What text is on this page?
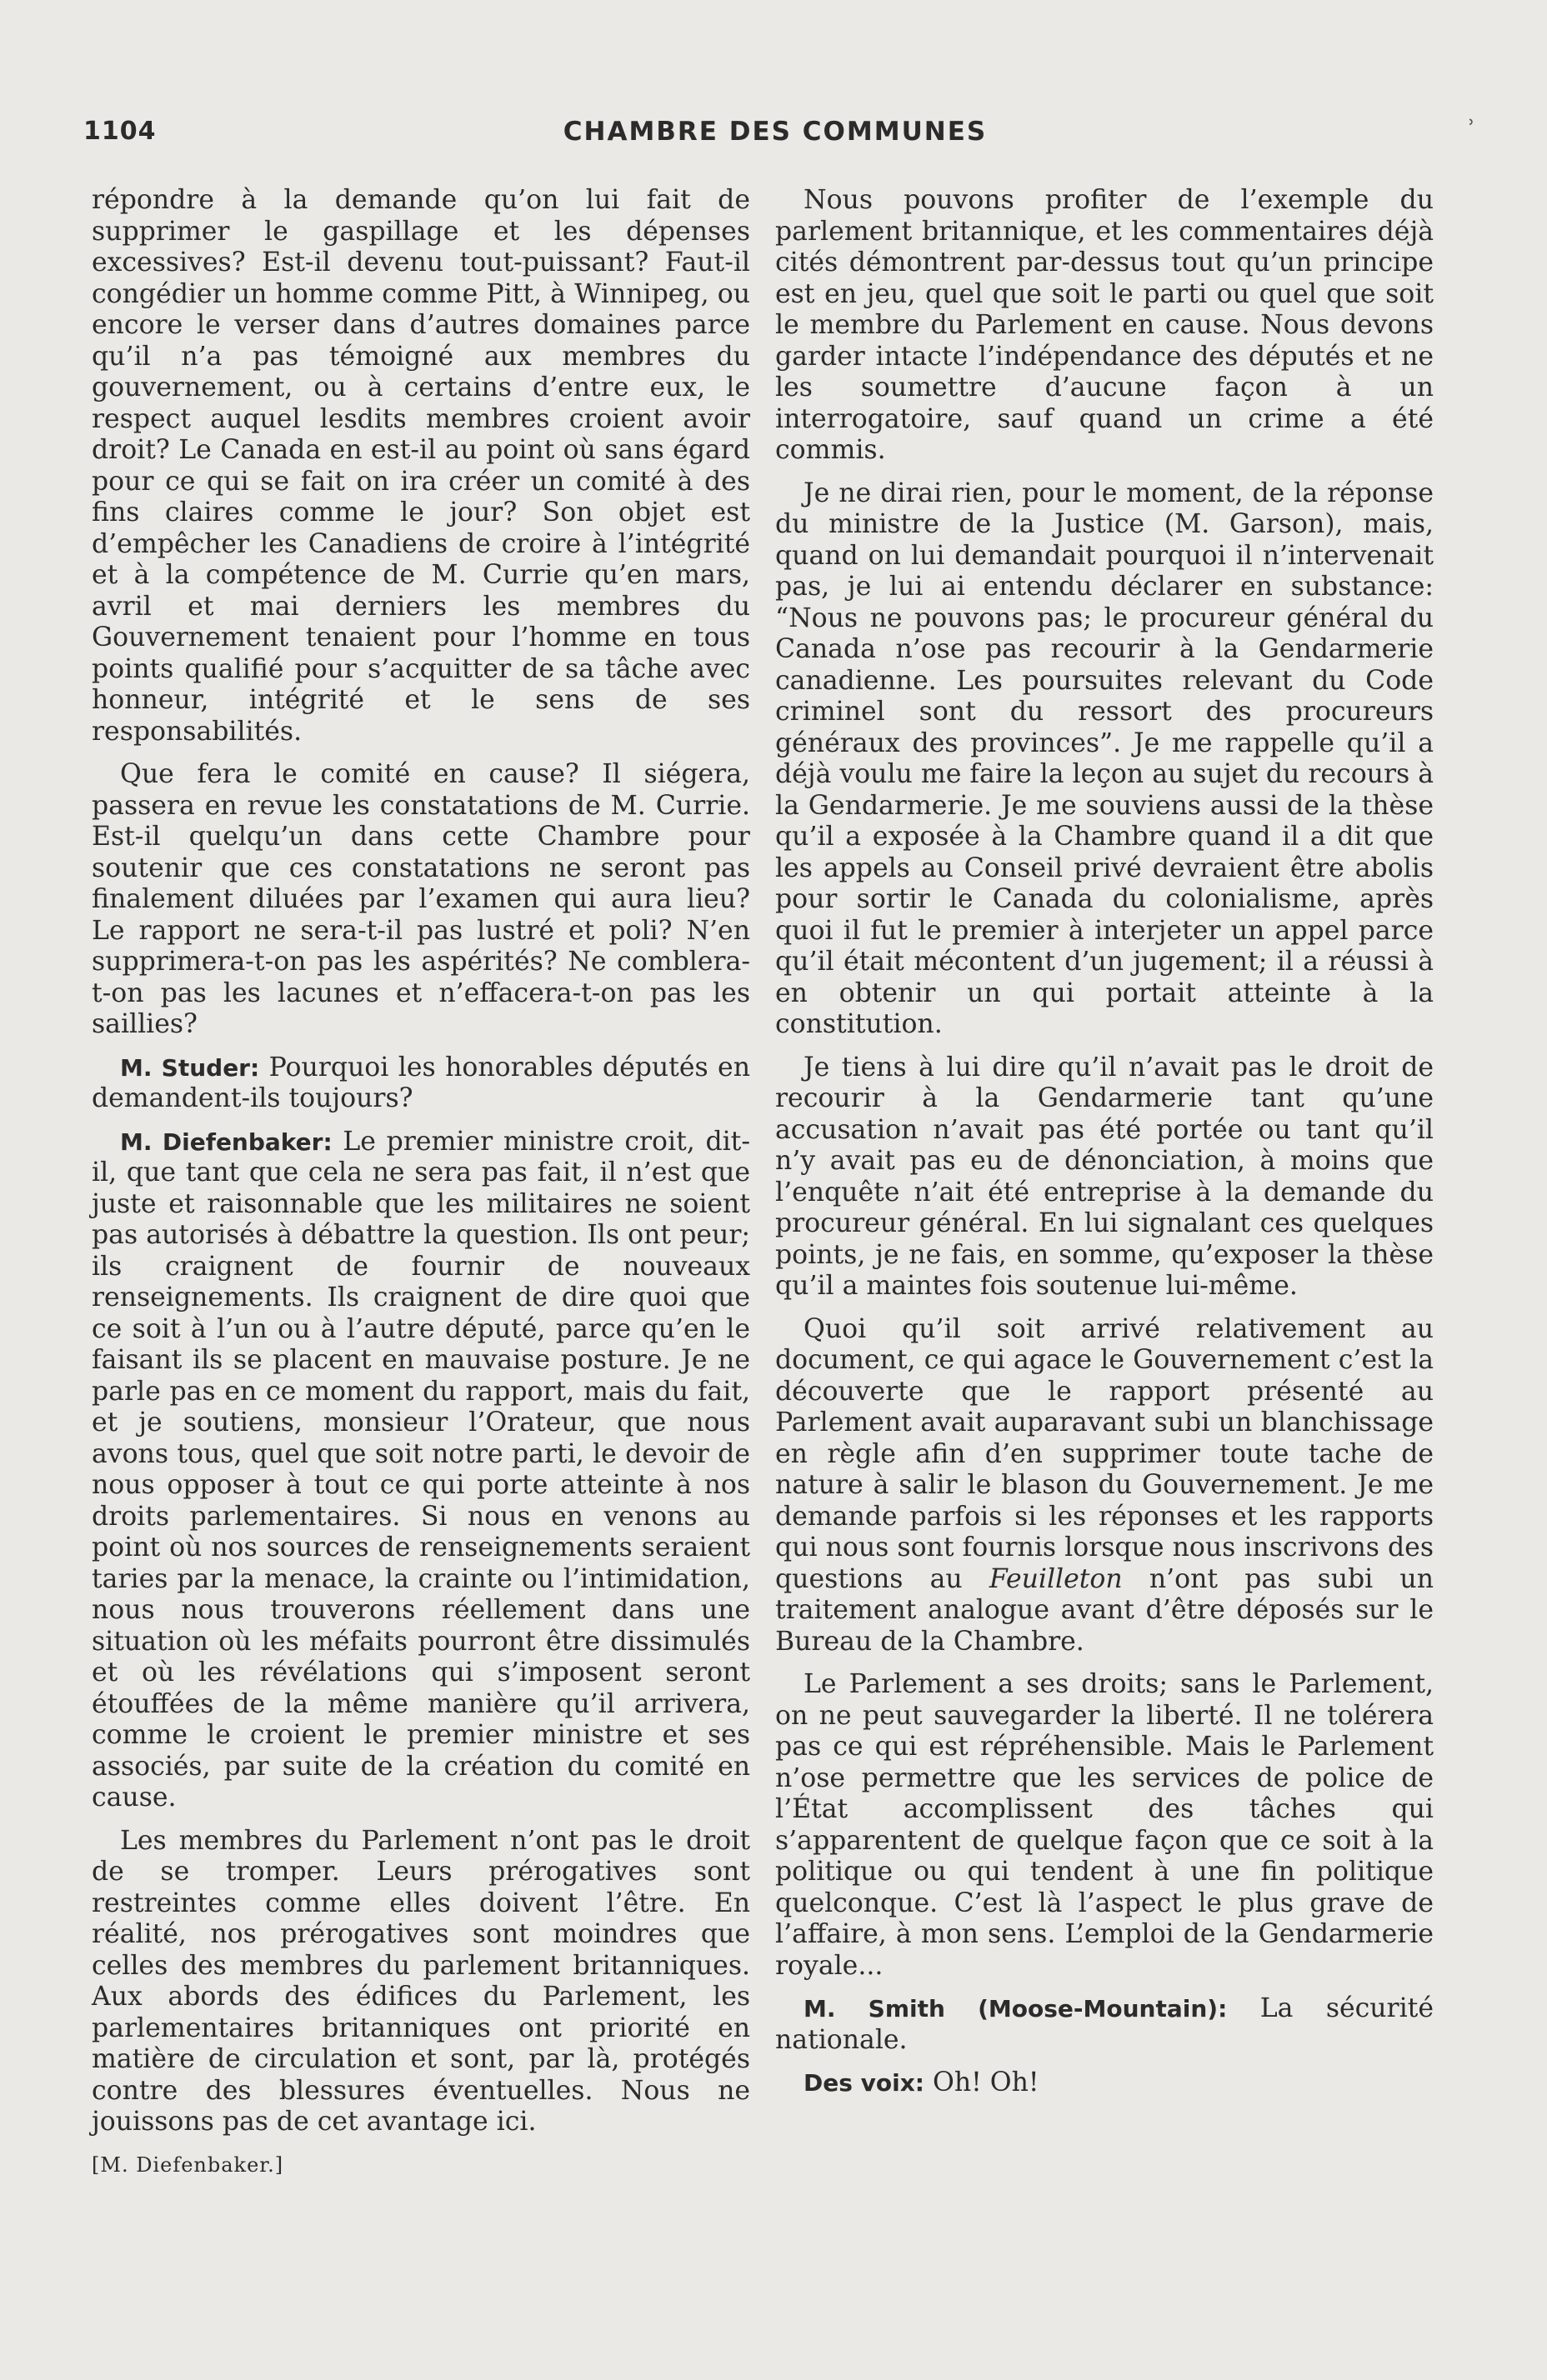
1104	CHAMBRE DES COMMUNES	ʾ

répondre à la demande qu’on lui fait de supprimer le gaspillage et les dépenses excessives? Est-il devenu tout-puissant? Faut-il congédier un homme comme Pitt, à Winnipeg, ou encore le verser dans d’autres domaines parce qu’il n’a pas témoigné aux membres du gouvernement, ou à certains d’entre eux, le respect auquel lesdits membres croient avoir droit? Le Canada en est-il au point où sans égard pour ce qui se fait on ira créer un comité à des fins claires comme le jour? Son objet est d’empêcher les Canadiens de croire à l’intégrité et à la compétence de M. Currie qu’en mars, avril et mai derniers les membres du Gouvernement tenaient pour l’homme en tous points qualifié pour s’acquitter de sa tâche avec honneur, intégrité et le sens de ses responsabilités.

Que fera le comité en cause? Il siégera, passera en revue les constatations de M. Currie. Est-il quelqu’un dans cette Chambre pour soutenir que ces constatations ne seront pas finalement diluées par l’examen qui aura lieu? Le rapport ne sera-t-il pas lustré et poli? N’en supprimera-t-on pas les aspérités? Ne comblera-t-on pas les lacunes et n’effacera-t-on pas les saillies?

M. Studer: Pourquoi les honorables députés en demandent-ils toujours?

M. Diefenbaker: Le premier ministre croit, dit-il, que tant que cela ne sera pas fait, il n’est que juste et raisonnable que les militaires ne soient pas autorisés à débattre la question. Ils ont peur; ils craignent de fournir de nouveaux renseignements. Ils craignent de dire quoi que ce soit à l’un ou à l’autre député, parce qu’en le faisant ils se placent en mauvaise posture. Je ne parle pas en ce moment du rapport, mais du fait, et je soutiens, monsieur l’Orateur, que nous avons tous, quel que soit notre parti, le devoir de nous opposer à tout ce qui porte atteinte à nos droits parlementaires. Si nous en venons au point où nos sources de renseignements seraient taries par la menace, la crainte ou l’intimidation, nous nous trouverons réellement dans une situation où les méfaits pourront être dissimulés et où les révélations qui s’imposent seront étouffées de la même manière qu’il arrivera, comme le croient le premier ministre et ses associés, par suite de la création du comité en cause.

Les membres du Parlement n’ont pas le droit de se tromper. Leurs prérogatives sont restreintes comme elles doivent l’être. En réalité, nos prérogatives sont moindres que celles des membres du parlement britanniques. Aux abords des édifices du Parlement, les parlementaires britanniques ont priorité en matière de circulation et sont, par là, protégés contre des blessures éventuelles. Nous ne jouissons pas de cet avantage ici.

[M. Diefenbaker.]

Nous pouvons profiter de l’exemple du parlement britannique, et les commentaires déjà cités démontrent par-dessus tout qu’un principe est en jeu, quel que soit le parti ou quel que soit le membre du Parlement en cause. Nous devons garder intacte l’indépendance des députés et ne les soumettre d’aucune façon à un interrogatoire, sauf quand un crime a été commis.

Je ne dirai rien, pour le moment, de la réponse du ministre de la Justice (M. Garson), mais, quand on lui demandait pourquoi il n’intervenait pas, je lui ai entendu déclarer en substance: “Nous ne pouvons pas; le procureur général du Canada n’ose pas recourir à la Gendarmerie canadienne. Les poursuites relevant du Code criminel sont du ressort des procureurs généraux des provinces”. Je me rappelle qu’il a déjà voulu me faire la leçon au sujet du recours à la Gendarmerie. Je me souviens aussi de la thèse qu’il a exposée à la Chambre quand il a dit que les appels au Conseil privé devraient être abolis pour sortir le Canada du colonialisme, après quoi il fut le premier à interjeter un appel parce qu’il était mécontent d’un jugement; il a réussi à en obtenir un qui portait atteinte à la constitution.

Je tiens à lui dire qu’il n’avait pas le droit de recourir à la Gendarmerie tant qu’une accusation n’avait pas été portée ou tant qu’il n’y avait pas eu de dénonciation, à moins que l’enquête n’ait été entreprise à la demande du procureur général. En lui signalant ces quelques points, je ne fais, en somme, qu’exposer la thèse qu’il a maintes fois soutenue lui-même.

Quoi qu’il soit arrivé relativement au document, ce qui agace le Gouvernement c’est la découverte que le rapport présenté au Parlement avait auparavant subi un blanchissage en règle afin d’en supprimer toute tache de nature à salir le blason du Gouvernement. Je me demande parfois si les réponses et les rapports qui nous sont fournis lorsque nous inscrivons des questions au Feuilleton n’ont pas subi un traitement analogue avant d’être déposés sur le Bureau de la Chambre.

Le Parlement a ses droits; sans le Parlement, on ne peut sauvegarder la liberté. Il ne tolérera pas ce qui est répréhensible. Mais le Parlement n’ose permettre que les services de police de l’État accomplissent des tâches qui s’apparentent de quelque façon que ce soit à la politique ou qui tendent à une fin politique quelconque. C’est là l’aspect le plus grave de l’affaire, à mon sens. L’emploi de la Gendarmerie royale...

M. Smith (Moose-Mountain): La sécurité nationale.

Des voix: Oh! Oh!
